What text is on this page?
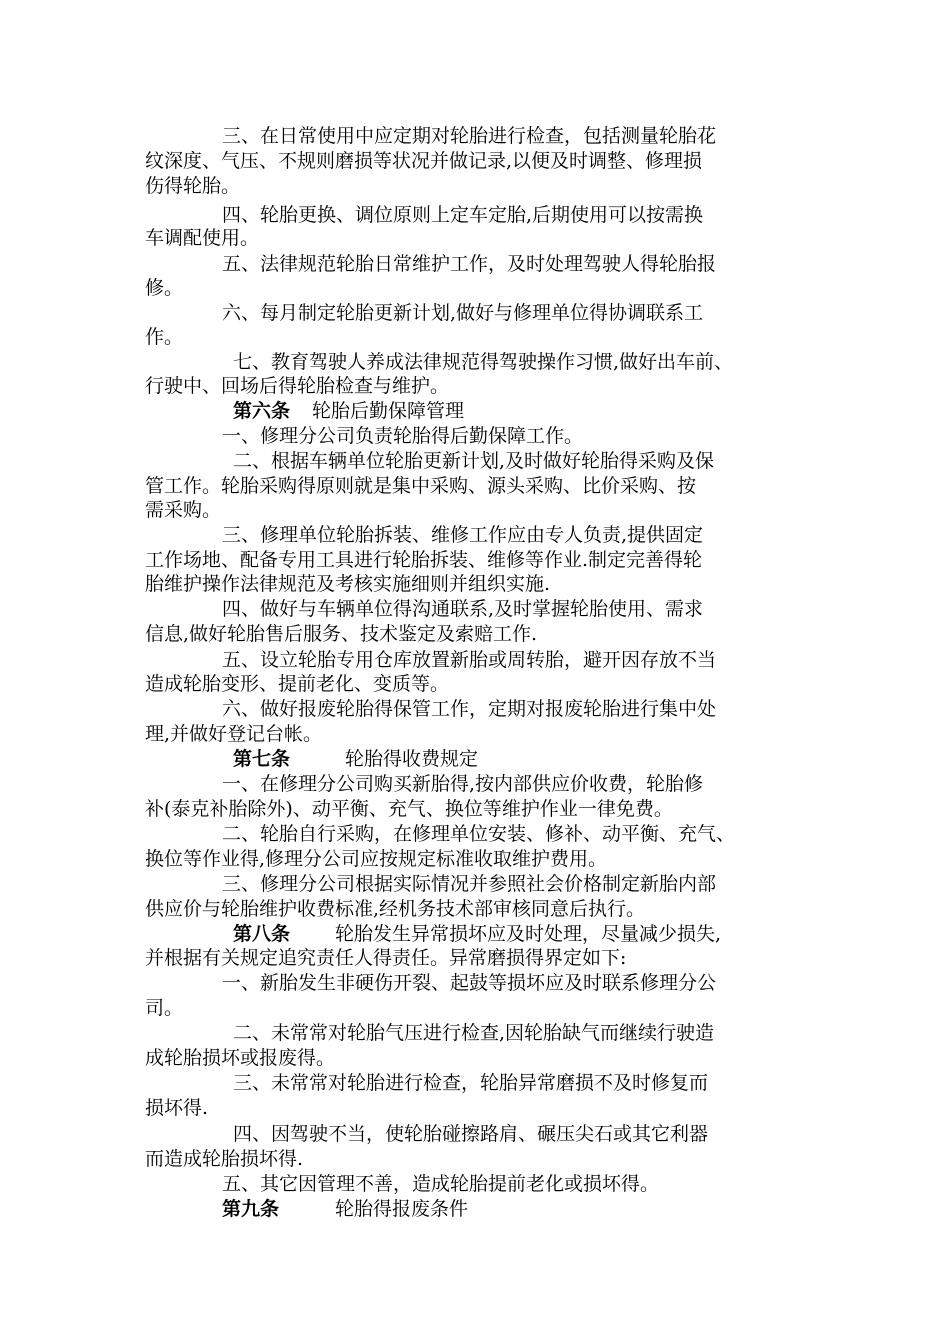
三、在日常使用中应定期对轮胎进行检查，包括测量轮胎花
纹深度、气压、不规则磨损等状况并做记录,以便及时调整、修理损
伤得轮胎。
四、轮胎更换、调位原则上定车定胎,后期使用可以按需换
车调配使用。
五、法律规范轮胎日常维护工作，及时处理驾驶人得轮胎报
修。
六、每月制定轮胎更新计划,做好与修理单位得协调联系工
作。
七、教育驾驶人养成法律规范得驾驶操作习惯,做好出车前、
行驶中、回场后得轮胎检查与维护。
第六条 轮胎后勤保障管理
一、修理分公司负责轮胎得后勤保障工作。
二、根据车辆单位轮胎更新计划,及时做好轮胎得采购及保
管工作。轮胎采购得原则就是集中采购、源头采购、比价采购、按
需采购。
三、修理单位轮胎拆装、维修工作应由专人负责,提供固定
工作场地、配备专用工具进行轮胎拆装、维修等作业.制定完善得轮
胎维护操作法律规范及考核实施细则并组织实施.
四、做好与车辆单位得沟通联系,及时掌握轮胎使用、需求
信息,做好轮胎售后服务、技术鉴定及索赔工作.
五、设立轮胎专用仓库放置新胎或周转胎，避开因存放不当
造成轮胎变形、提前老化、变质等。
六、做好报废轮胎得保管工作，定期对报废轮胎进行集中处
理,并做好登记台帐。
第七条	轮胎得收费规定
一、在修理分公司购买新胎得,按内部供应价收费，轮胎修
补(泰克补胎除外)、动平衡、充气、换位等维护作业一律免费。
二、轮胎自行采购，在修理单位安装、修补、动平衡、充气、
换位等作业得,修理分公司应按规定标准收取维护费用。
三、修理分公司根据实际情况并参照社会价格制定新胎内部
供应价与轮胎维护收费标准,经机务技术部审核同意后执行。
第八条 轮胎发生异常损坏应及时处理，尽量减少损失,
并根据有关规定追究责任人得责任。异常磨损得界定如下:
一、新胎发生非硬伤开裂、起鼓等损坏应及时联系修理分公
司。
二、未常常对轮胎气压进行检查,因轮胎缺气而继续行驶造
成轮胎损坏或报废得。
三、未常常对轮胎进行检查，轮胎异常磨损不及时修复而
损坏得.
四、因驾驶不当，使轮胎碰擦路肩、碾压尖石或其它利器
而造成轮胎损坏得.
五、其它因管理不善，造成轮胎提前老化或损坏得。
第九条	轮胎得报废条件
